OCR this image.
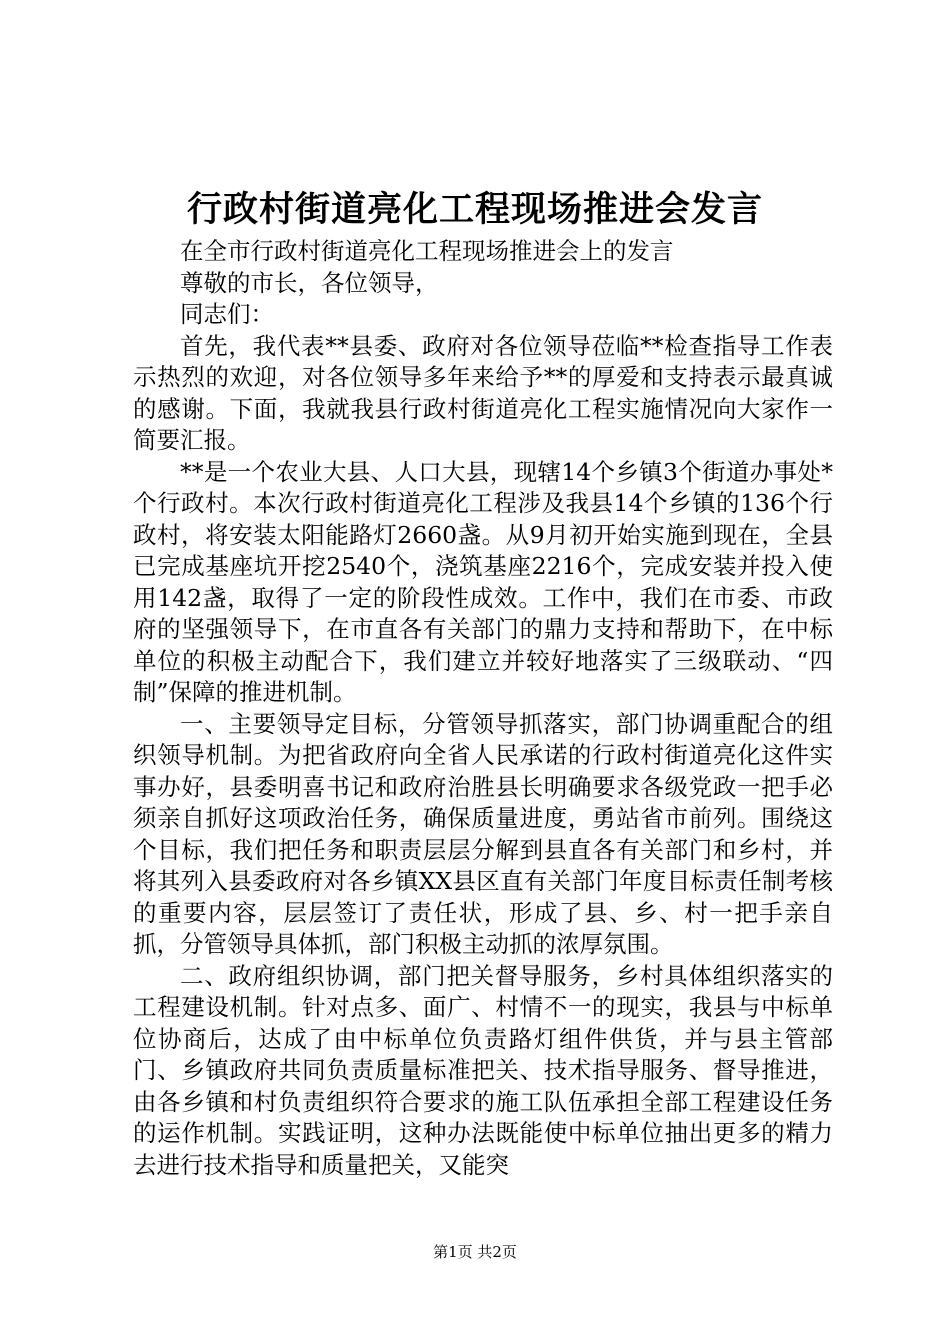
行政村街道亮化工程现场推进会发言

在全市行政村街道亮化工程现场推进会上的发言

尊敬的市长，各位领导，

同志们：

首先，我代表**县委、政府对各位领导莅临**检查指导工作表示热烈的欢迎，对各位领导多年来给予**的厚爱和支持表示最真诚的感谢。下面，我就我县行政村街道亮化工程实施情况向大家作一简要汇报。

**是一个农业大县、人口大县，现辖14个乡镇3个街道办事处*个行政村。本次行政村街道亮化工程涉及我县14个乡镇的136个行政村，将安装太阳能路灯2660盏。从9月初开始实施到现在，全县已完成基座坑开挖2540个，浇筑基座2216个，完成安装并投入使用142盏，取得了一定的阶段性成效。工作中，我们在市委、市政府的坚强领导下，在市直各有关部门的鼎力支持和帮助下，在中标单位的积极主动配合下，我们建立并较好地落实了三级联动、“四制”保障的推进机制。

一、主要领导定目标，分管领导抓落实，部门协调重配合的组织领导机制。为把省政府向全省人民承诺的行政村街道亮化这件实事办好，县委明喜书记和政府治胜县长明确要求各级党政一把手必须亲自抓好这项政治任务，确保质量进度，勇站省市前列。围绕这个目标，我们把任务和职责层层分解到县直各有关部门和乡村，并将其列入县委政府对各乡镇XX县区直有关部门年度目标责任制考核的重要内容，层层签订了责任状，形成了县、乡、村一把手亲自抓，分管领导具体抓，部门积极主动抓的浓厚氛围。

二、政府组织协调，部门把关督导服务，乡村具体组织落实的工程建设机制。针对点多、面广、村情不一的现实，我县与中标单位协商后，达成了由中标单位负责路灯组件供货，并与县主管部门、乡镇政府共同负责质量标准把关、技术指导服务、督导推进，由各乡镇和村负责组织符合要求的施工队伍承担全部工程建设任务的运作机制。实践证明，这种办法既能使中标单位抽出更多的精力去进行技术指导和质量把关，又能突

第1页 共2页
